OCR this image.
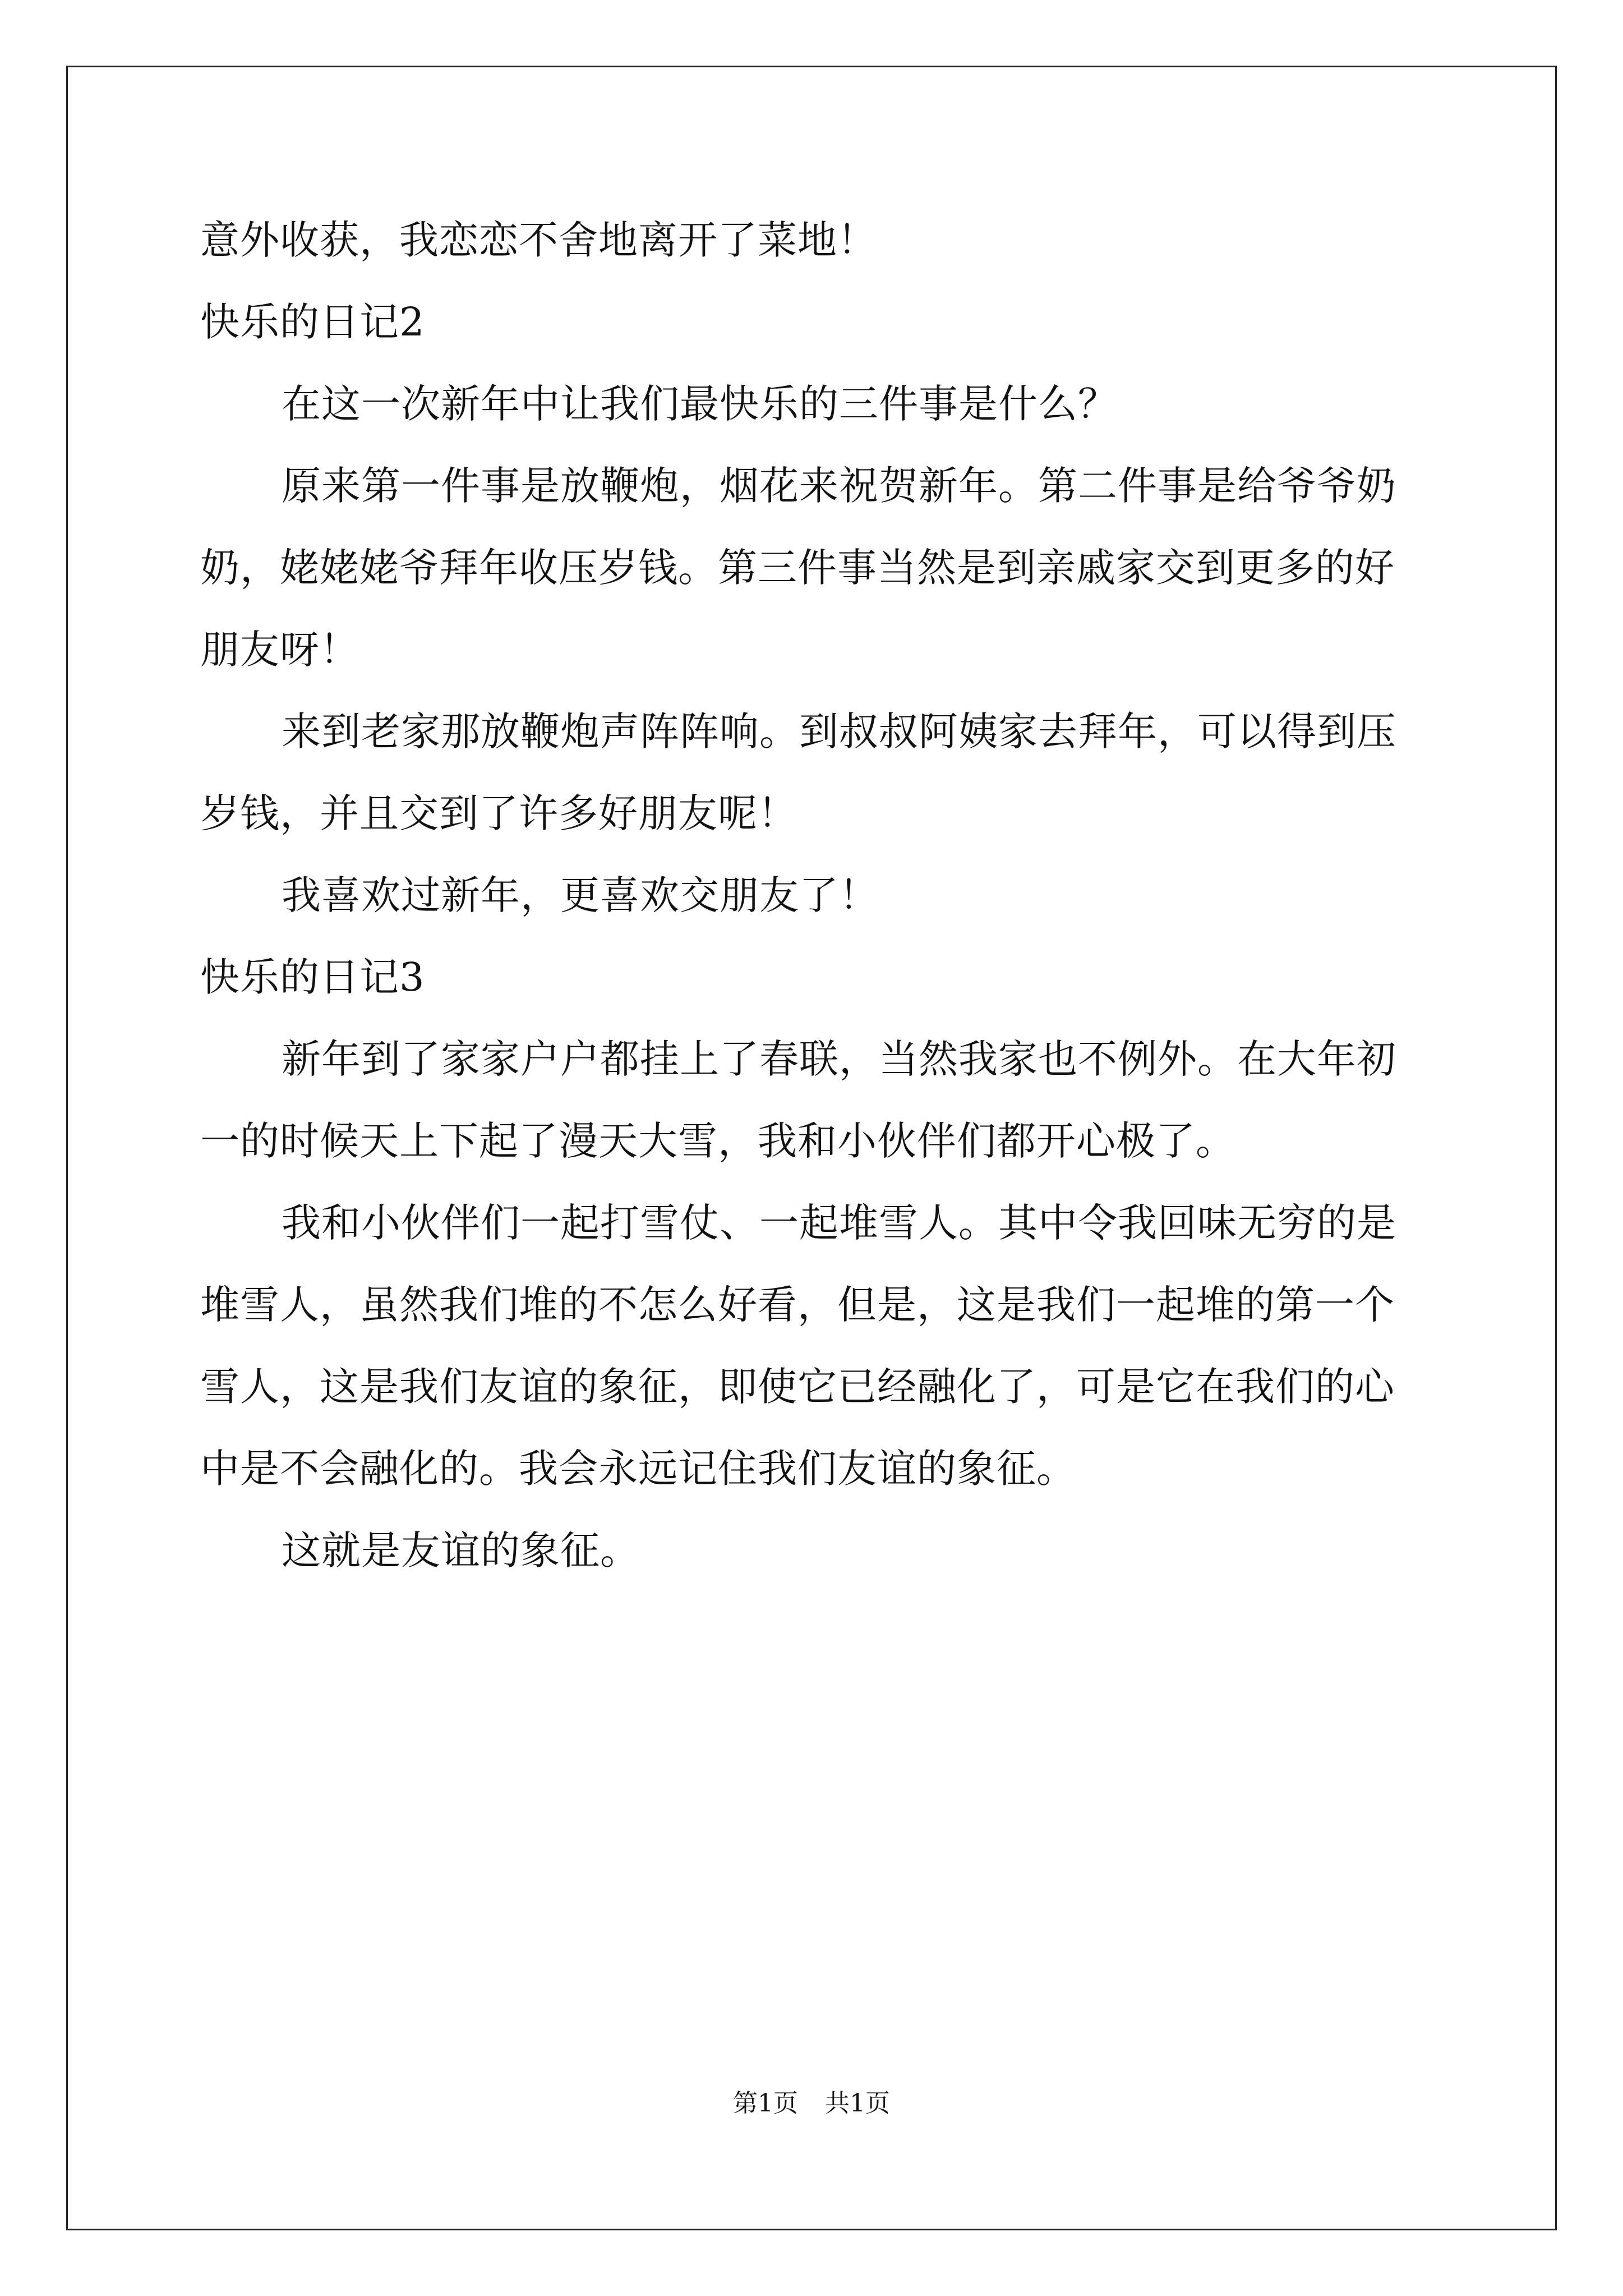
意外收获，我恋恋不舍地离开了菜地！
快乐的日记2
在这一次新年中让我们最快乐的三件事是什么？
原来第一件事是放鞭炮，烟花来祝贺新年。第二件事是给爷爷奶
奶，姥姥姥爷拜年收压岁钱。第三件事当然是到亲戚家交到更多的好
朋友呀！
来到老家那放鞭炮声阵阵响。到叔叔阿姨家去拜年，可以得到压
岁钱，并且交到了许多好朋友呢！
我喜欢过新年，更喜欢交朋友了！
快乐的日记3
新年到了家家户户都挂上了春联，当然我家也不例外。在大年初
一的时候天上下起了漫天大雪，我和小伙伴们都开心极了。
我和小伙伴们一起打雪仗、一起堆雪人。其中令我回味无穷的是
堆雪人，虽然我们堆的不怎么好看，但是，这是我们一起堆的第一个
雪人，这是我们友谊的象征，即使它已经融化了，可是它在我们的心
中是不会融化的。我会永远记住我们友谊的象征。
这就是友谊的象征。
第1页 共1页
